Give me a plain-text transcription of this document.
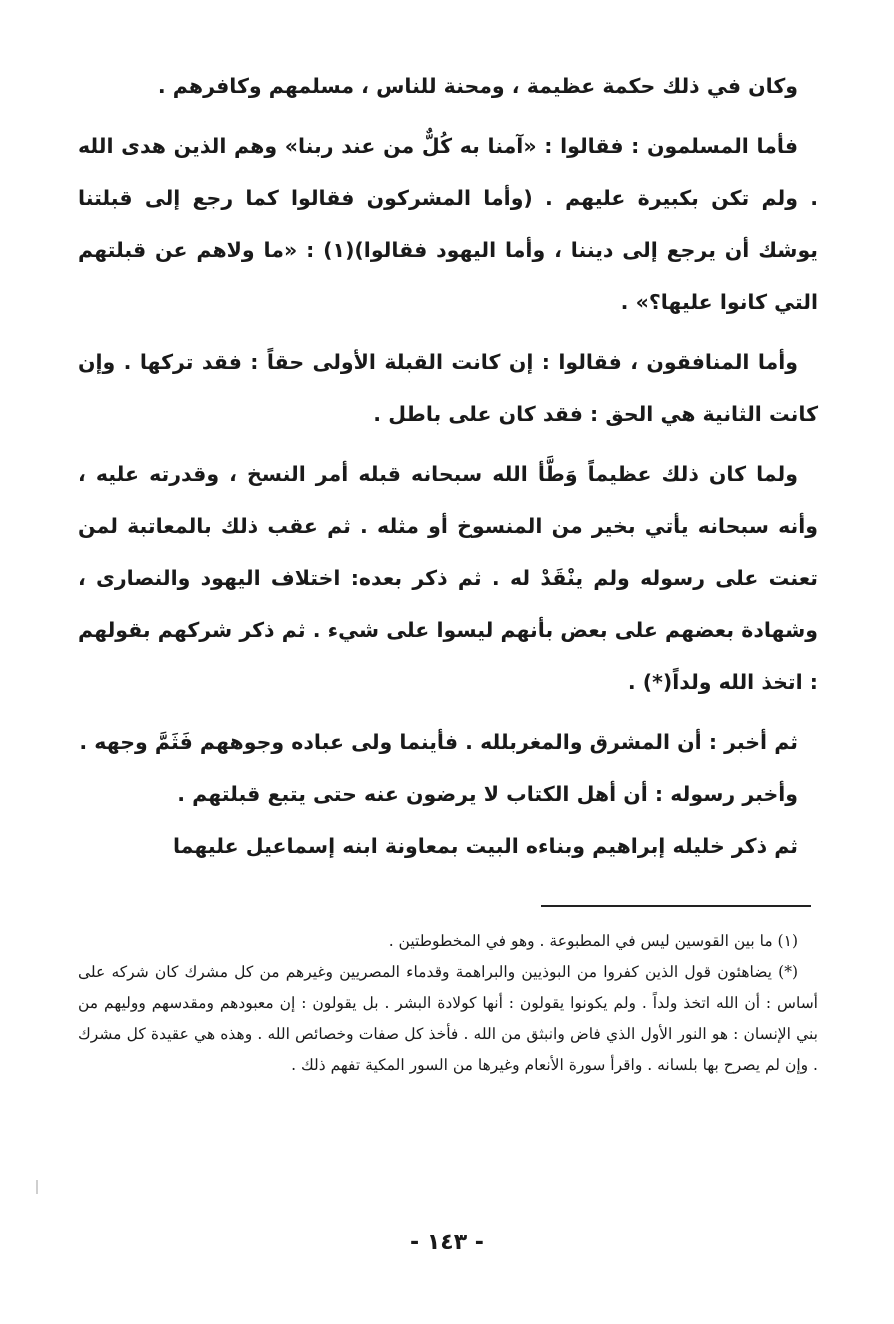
وكان في ذلك حكمة عظيمة ، ومحنة للناس ، مسلمهم وكافرهم .

فأما المسلمون : فقالوا : «آمنا به كُلٌّ من عند ربنا» وهم الذين هدى الله . ولم تكن بكبيرة عليهم . (وأما المشركون فقالوا كما رجع إلى قبلتنا يوشك أن يرجع إلى ديننا ، وأما اليهود فقالوا)(١) : «ما ولاهم عن قبلتهم التي كانوا عليها؟» .

وأما المنافقون ، فقالوا : إن كانت القبلة الأولى حقاً : فقد تركها . وإن كانت الثانية هي الحق : فقد كان على باطل .

ولما كان ذلك عظيماً وَطَّأ الله سبحانه قبله أمر النسخ ، وقدرته عليه ، وأنه سبحانه يأتي بخير من المنسوخ أو مثله . ثم عقب ذلك بالمعاتبة لمن تعنت على رسوله ولم ينْقَدْ له . ثم ذكر بعده: اختلاف اليهود والنصارى ، وشهادة بعضهم على بعض بأنهم ليسوا على شيء . ثم ذكر شركهم بقولهم : اتخذ الله ولداً(*) .

ثم أخبر : أن المشرق والمغربلله . فأينما ولى عباده وجوههم فَثَمَّ وجهه .

وأخبر رسوله : أن أهل الكتاب لا يرضون عنه حتى يتبع قبلتهم .

ثم ذكر خليله إبراهيم وبناءه البيت بمعاونة ابنه إسماعيل عليهما

(١) ما بين القوسين ليس في المطبوعة . وهو في المخطوطتين .

(*) يضاهئون قول الذين كفروا من البوذيين والبراهمة وقدماء المصريين وغيرهم من كل مشرك كان شركه على أساس : أن الله اتخذ ولداً . ولم يكونوا يقولون : أنها كولادة البشر . بل يقولون : إن معبودهم ومقدسهم ووليهم من بني الإنسان : هو النور الأول الذي فاض وانبثق من الله . فأخذ كل صفات وخصائص الله . وهذه هي عقيدة كل مشرك . وإن لم يصرح بها بلسانه . واقرأ سورة الأنعام وغيرها من السور المكية تفهم ذلك .

- ١٤٣ -
